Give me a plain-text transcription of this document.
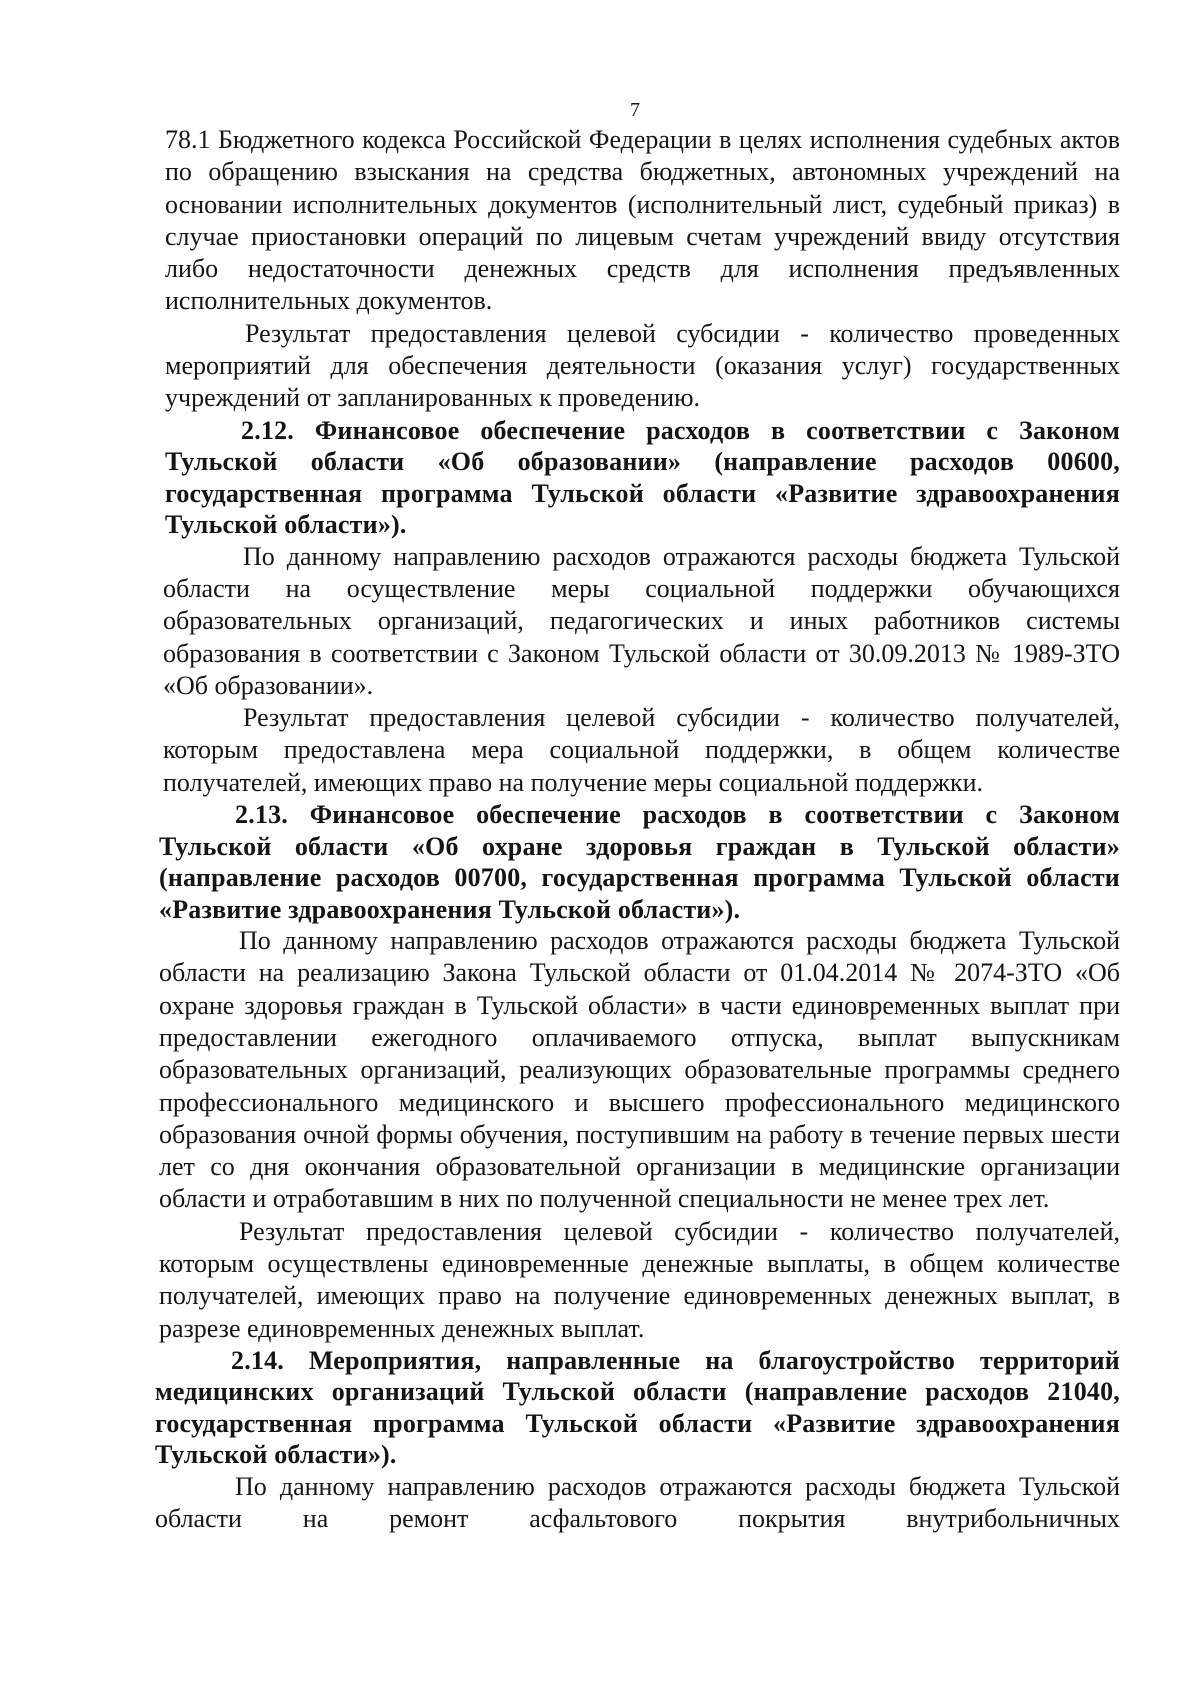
7

78.1 Бюджетного кодекса Российской Федерации в целях исполнения судебных актов по обращению взыскания на средства бюджетных, автономных учреждений на основании исполнительных документов (исполнительный лист, судебный приказ) в случае приостановки операций по лицевым счетам учреждений ввиду отсутствия либо недостаточности денежных средств для исполнения предъявленных исполнительных документов.

Результат предоставления целевой субсидии - количество проведенных мероприятий для обеспечения деятельности (оказания услуг) государственных учреждений от запланированных к проведению.

2.12. Финансовое обеспечение расходов в соответствии с Законом Тульской области «Об образовании» (направление расходов 00600, государственная программа Тульской области «Развитие здравоохранения Тульской области»).

По данному направлению расходов отражаются расходы бюджета Тульской области на осуществление меры социальной поддержки обучающихся образовательных организаций, педагогических и иных работников системы образования в соответствии с Законом Тульской области от 30.09.2013 № 1989-ЗТО «Об образовании».

Результат предоставления целевой субсидии - количество получателей, которым предоставлена мера социальной поддержки, в общем количестве получателей, имеющих право на получение меры социальной поддержки.

2.13. Финансовое обеспечение расходов в соответствии с Законом Тульской области «Об охране здоровья граждан в Тульской области» (направление расходов 00700, государственная программа Тульской области «Развитие здравоохранения Тульской области»).

По данному направлению расходов отражаются расходы бюджета Тульской области на реализацию Закона Тульской области от 01.04.2014 № 2074-ЗТО «Об охране здоровья граждан в Тульской области» в части единовременных выплат при предоставлении ежегодного оплачиваемого отпуска, выплат выпускникам образовательных организаций, реализующих образовательные программы среднего профессионального медицинского и высшего профессионального медицинского образования очной формы обучения, поступившим на работу в течение первых шести лет со дня окончания образовательной организации в медицинские организации области и отработавшим в них по полученной специальности не менее трех лет.

Результат предоставления целевой субсидии - количество получателей, которым осуществлены единовременные денежные выплаты, в общем количестве получателей, имеющих право на получение единовременных денежных выплат, в разрезе единовременных денежных выплат.

2.14. Мероприятия, направленные на благоустройство территорий медицинских организаций Тульской области (направление расходов 21040, государственная программа Тульской области «Развитие здравоохранения Тульской области»).

По данному направлению расходов отражаются расходы бюджета Тульской области на ремонт асфальтового покрытия внутрибольничных
